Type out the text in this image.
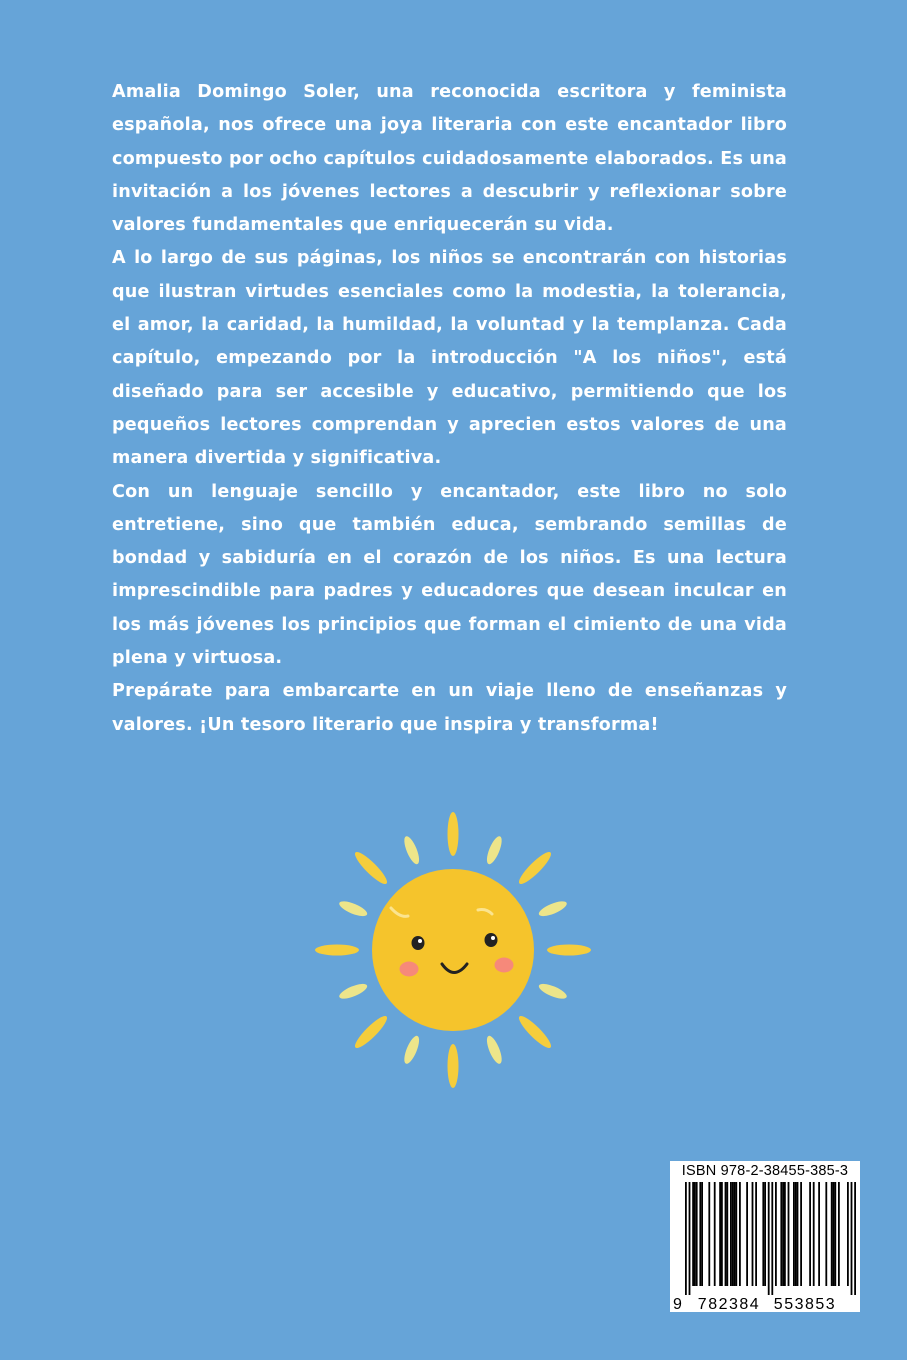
Amalia Domingo Soler, una reconocida escritora y feminista española, nos ofrece una joya literaria con este encantador libro compuesto por ocho capítulos cuidadosamente elaborados. Es una invitación a los jóvenes lectores a descubrir y reflexionar sobre valores fundamentales que enriquecerán su vida.

A lo largo de sus páginas, los niños se encontrarán con historias que ilustran virtudes esenciales como la modestia, la tolerancia, el amor, la caridad, la humildad, la voluntad y la templanza. Cada capítulo, empezando por la introducción "A los niños", está diseñado para ser accesible y educativo, permitiendo que los pequeños lectores comprendan y aprecien estos valores de una manera divertida y significativa.

Con un lenguaje sencillo y encantador, este libro no solo entretiene, sino que también educa, sembrando semillas de bondad y sabiduría en el corazón de los niños. Es una lectura imprescindible para padres y educadores que desean inculcar en los más jóvenes los principios que forman el cimiento de una vida plena y virtuosa.

Prepárate para embarcarte en un viaje lleno de enseñanzas y valores. ¡Un tesoro literario que inspira y transforma!

ISBN 978-2-38455-385-3
9 782384 553853
